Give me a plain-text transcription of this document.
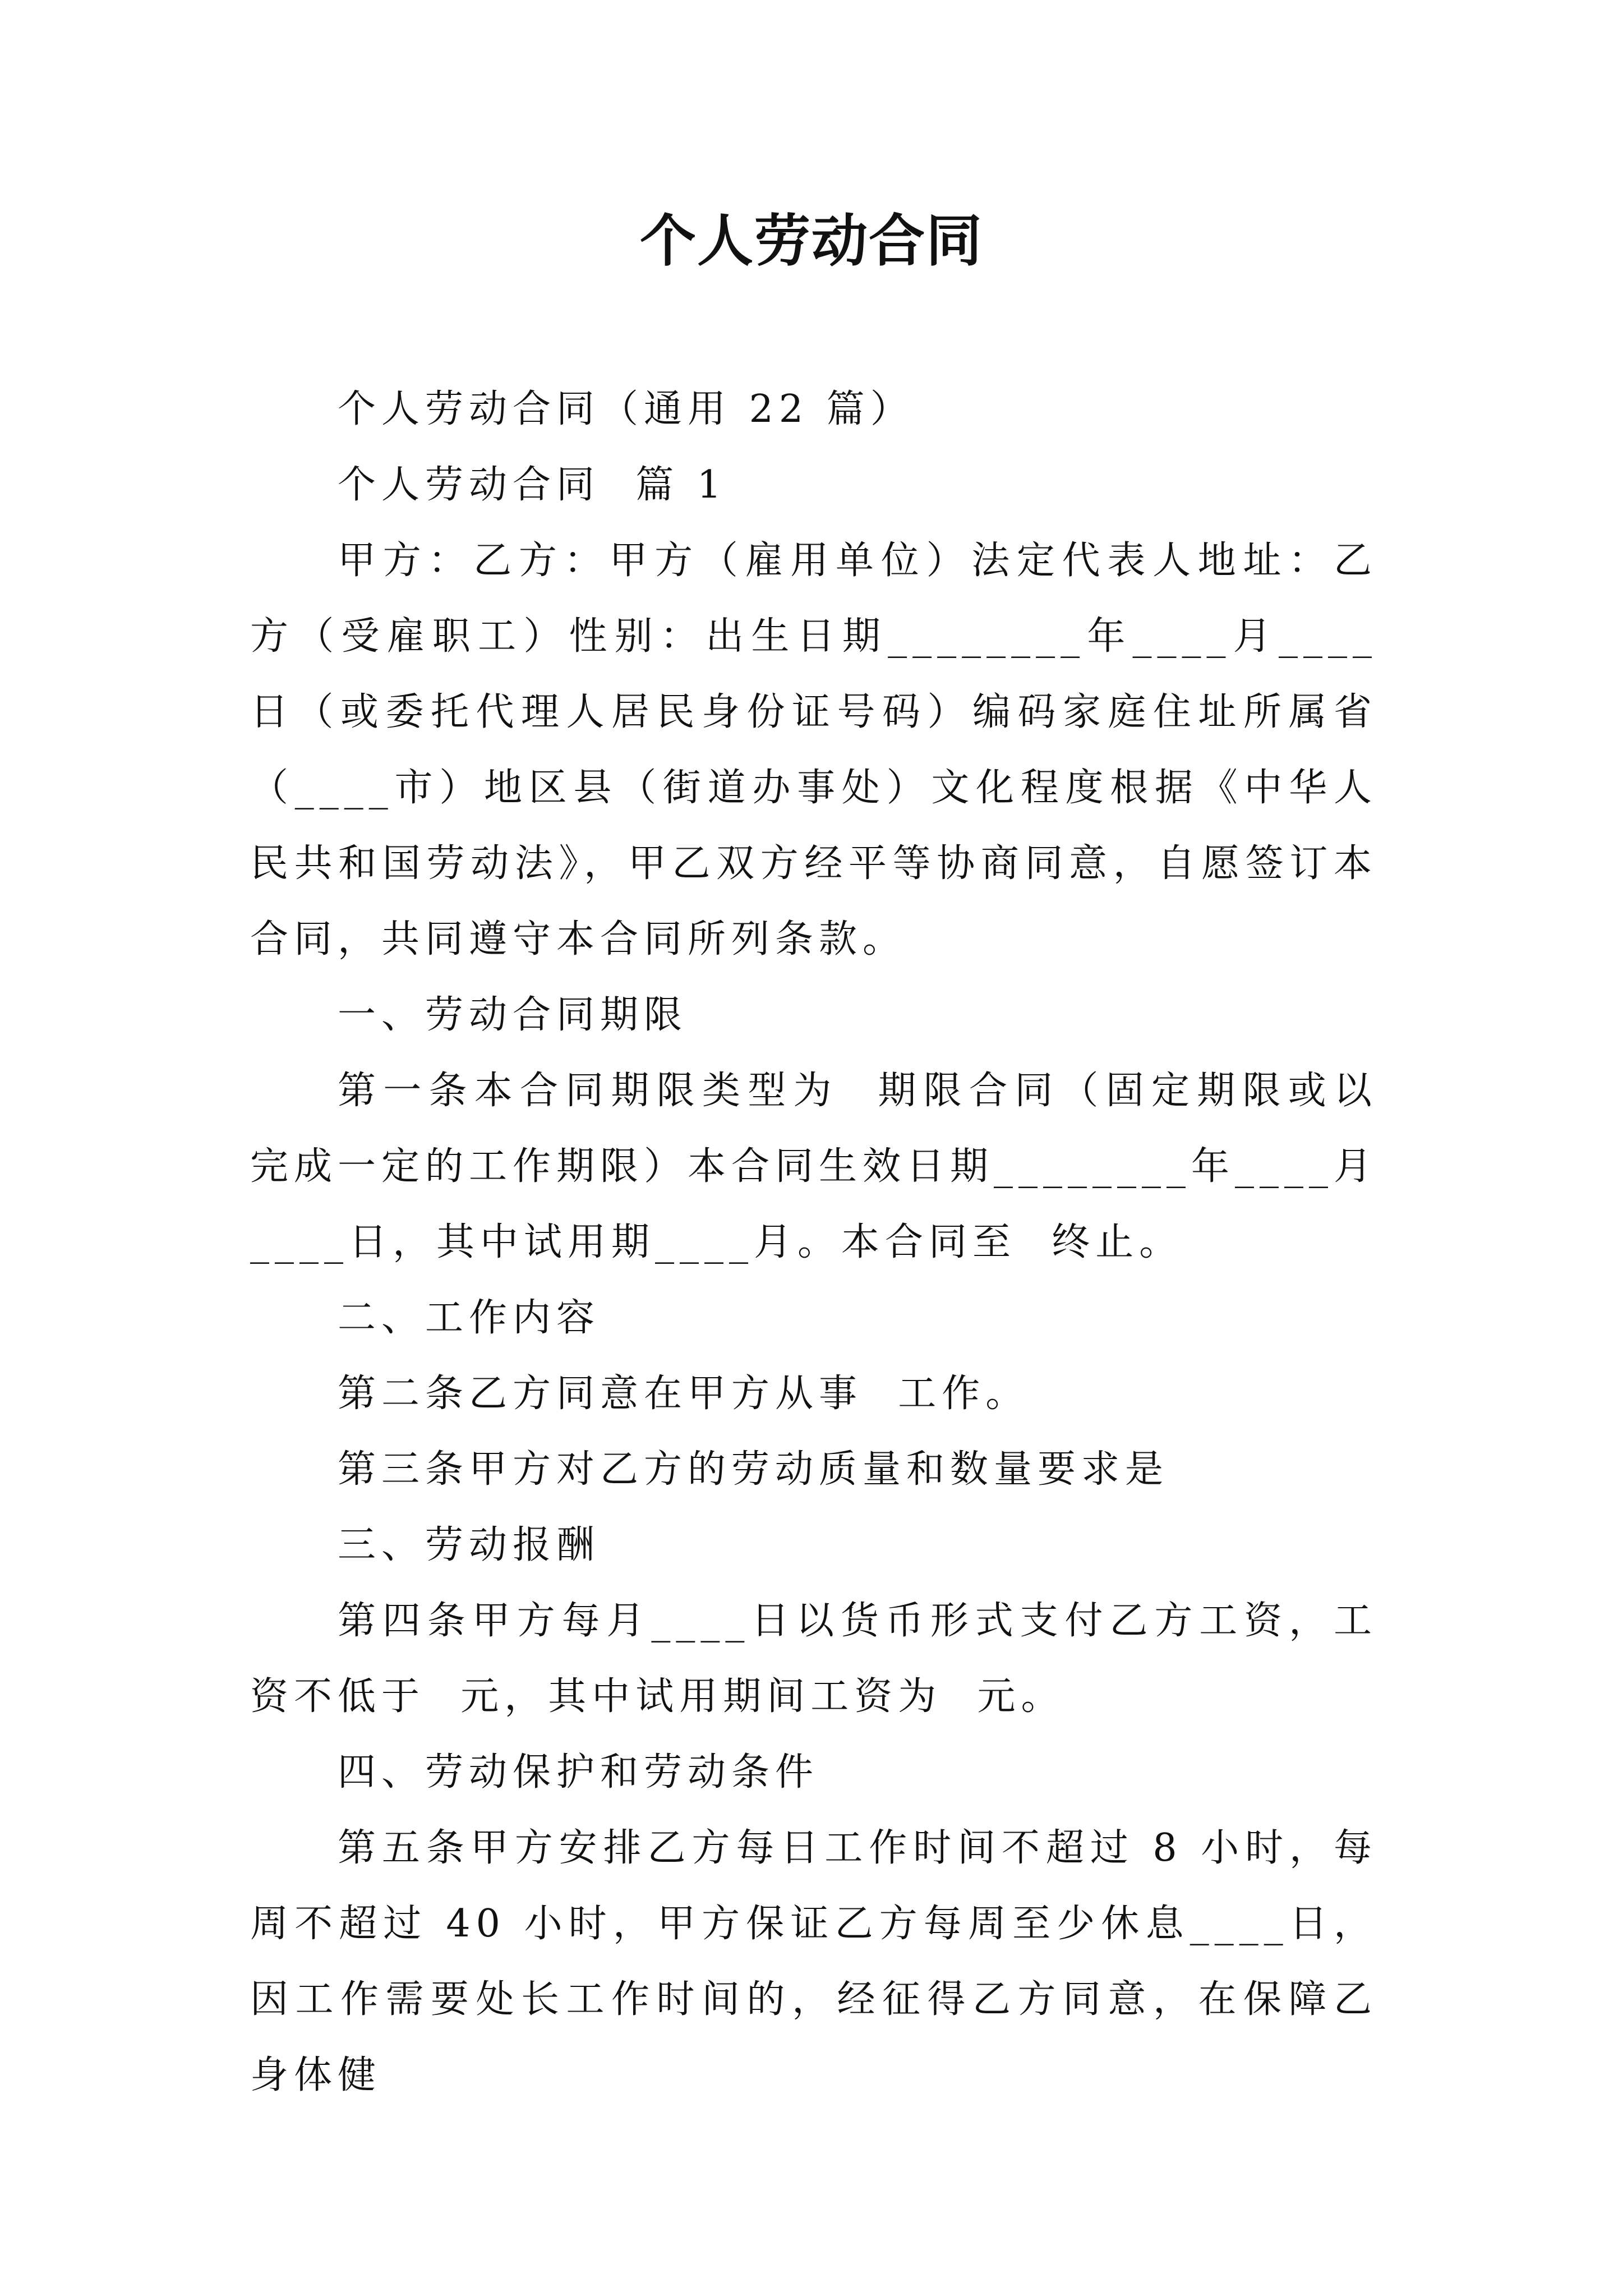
个人劳动合同

个人劳动合同（通用 22 篇）

个人劳动合同  篇 1

甲方：乙方：甲方（雇用单位）法定代表人地址：乙方（受雇职工）性别：出生日期________年____月____日（或委托代理人居民身份证号码）编码家庭住址所属省（____市）地区县（街道办事处）文化程度根据《中华人民共和国劳动法》，甲乙双方经平等协商同意，自愿签订本合同，共同遵守本合同所列条款。

一、劳动合同期限

第一条本合同期限类型为  期限合同（固定期限或以完成一定的工作期限）本合同生效日期________年____月____日，其中试用期____月。本合同至  终止。

二、工作内容

第二条乙方同意在甲方从事  工作。

第三条甲方对乙方的劳动质量和数量要求是

三、劳动报酬

第四条甲方每月____日以货币形式支付乙方工资，工资不低于  元，其中试用期间工资为  元。

四、劳动保护和劳动条件

第五条甲方安排乙方每日工作时间不超过 8 小时，每周不超过 40 小时，甲方保证乙方每周至少休息____日，因工作需要处长工作时间的，经征得乙方同意，在保障乙身体健
